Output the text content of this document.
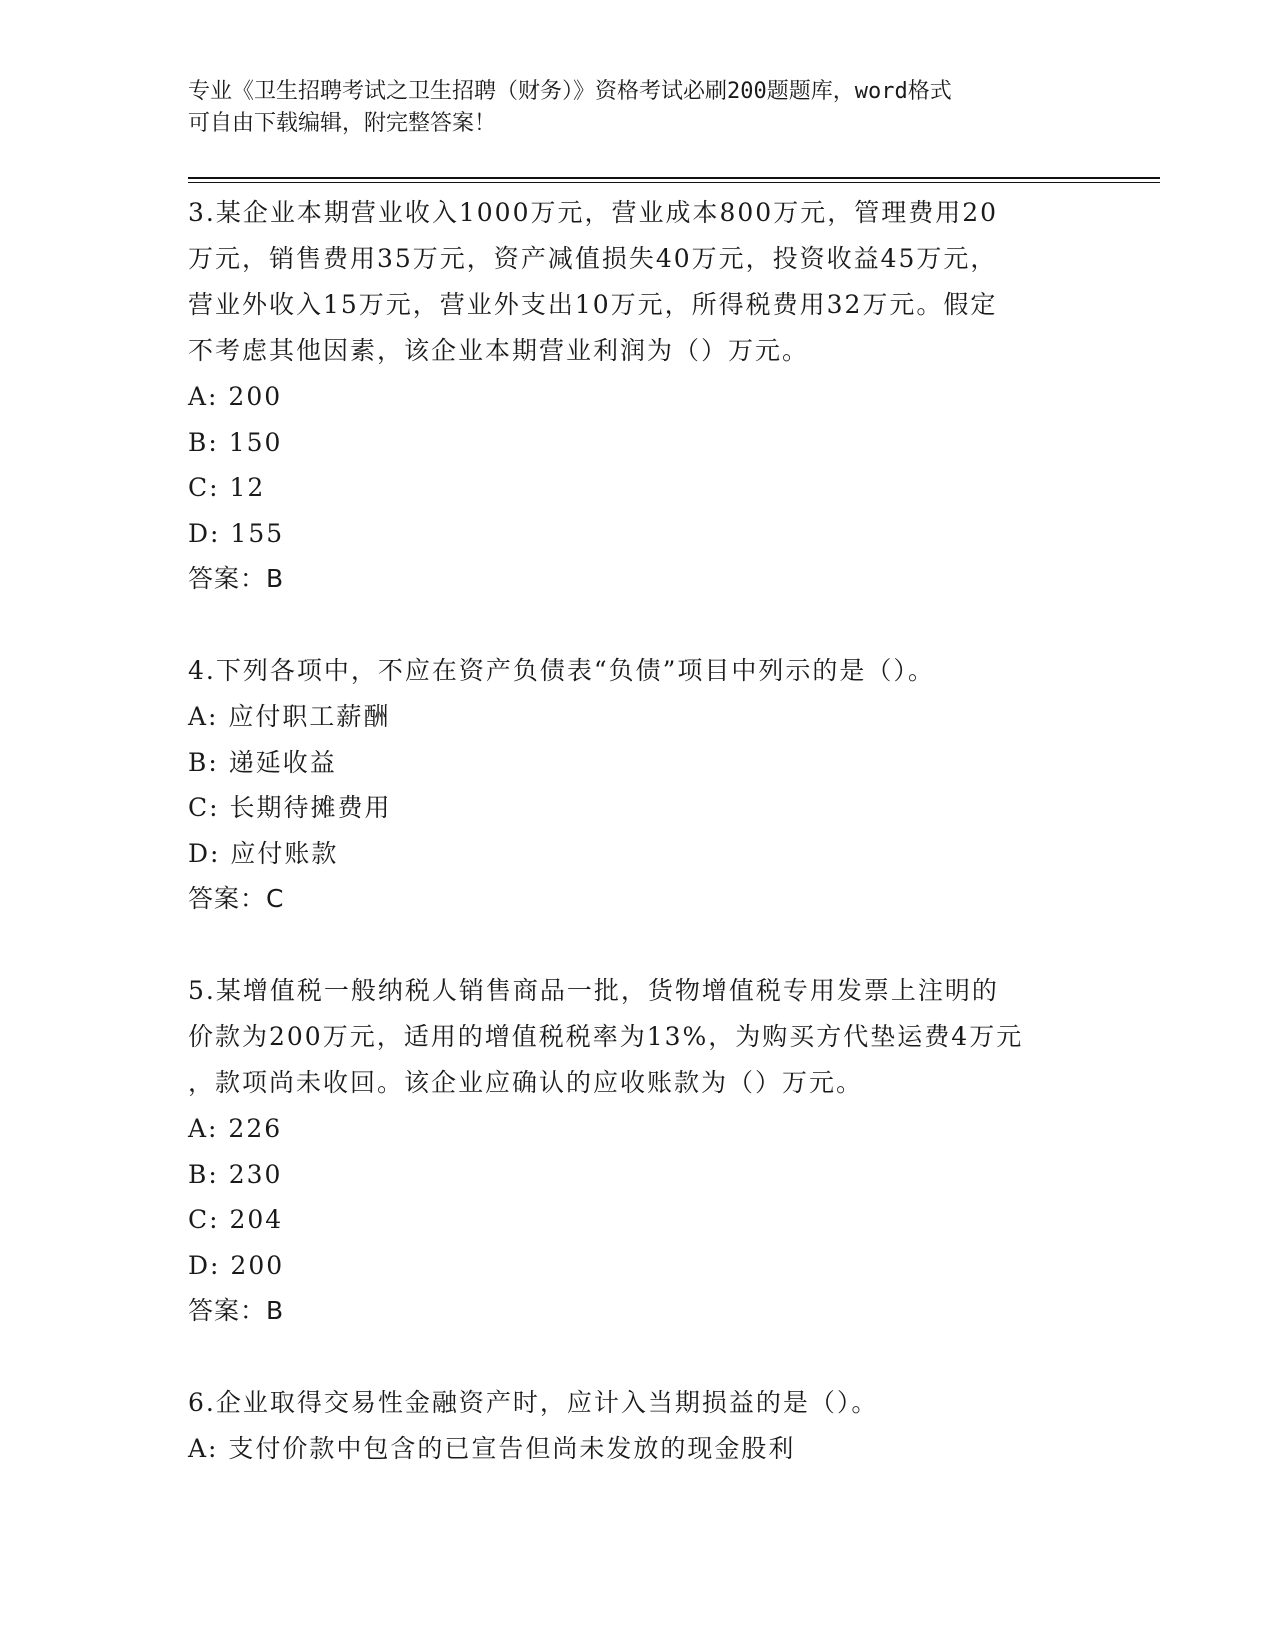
专业《卫生招聘考试之卫生招聘（财务）》资格考试必刷200题题库，word格式
可自由下载编辑，附完整答案！
3.某企业本期营业收入1000万元，营业成本800万元，管理费用20
万元，销售费用35万元，资产减值损失40万元，投资收益45万元，
营业外收入15万元，营业外支出10万元，所得税费用32万元。假定
不考虑其他因素，该企业本期营业利润为（）万元。
A: 200
B: 150
C: 12
D: 155
答案：B
4.下列各项中，不应在资产负债表“负债”项目中列示的是（）。
A: 应付职工薪酬
B: 递延收益
C: 长期待摊费用
D: 应付账款
答案：C
5.某增值税一般纳税人销售商品一批，货物增值税专用发票上注明的
价款为200万元，适用的增值税税率为13%，为购买方代垫运费4万元
，款项尚未收回。该企业应确认的应收账款为（）万元。
A: 226
B: 230
C: 204
D: 200
答案：B
6.企业取得交易性金融资产时，应计入当期损益的是（）。
A: 支付价款中包含的已宣告但尚未发放的现金股利
